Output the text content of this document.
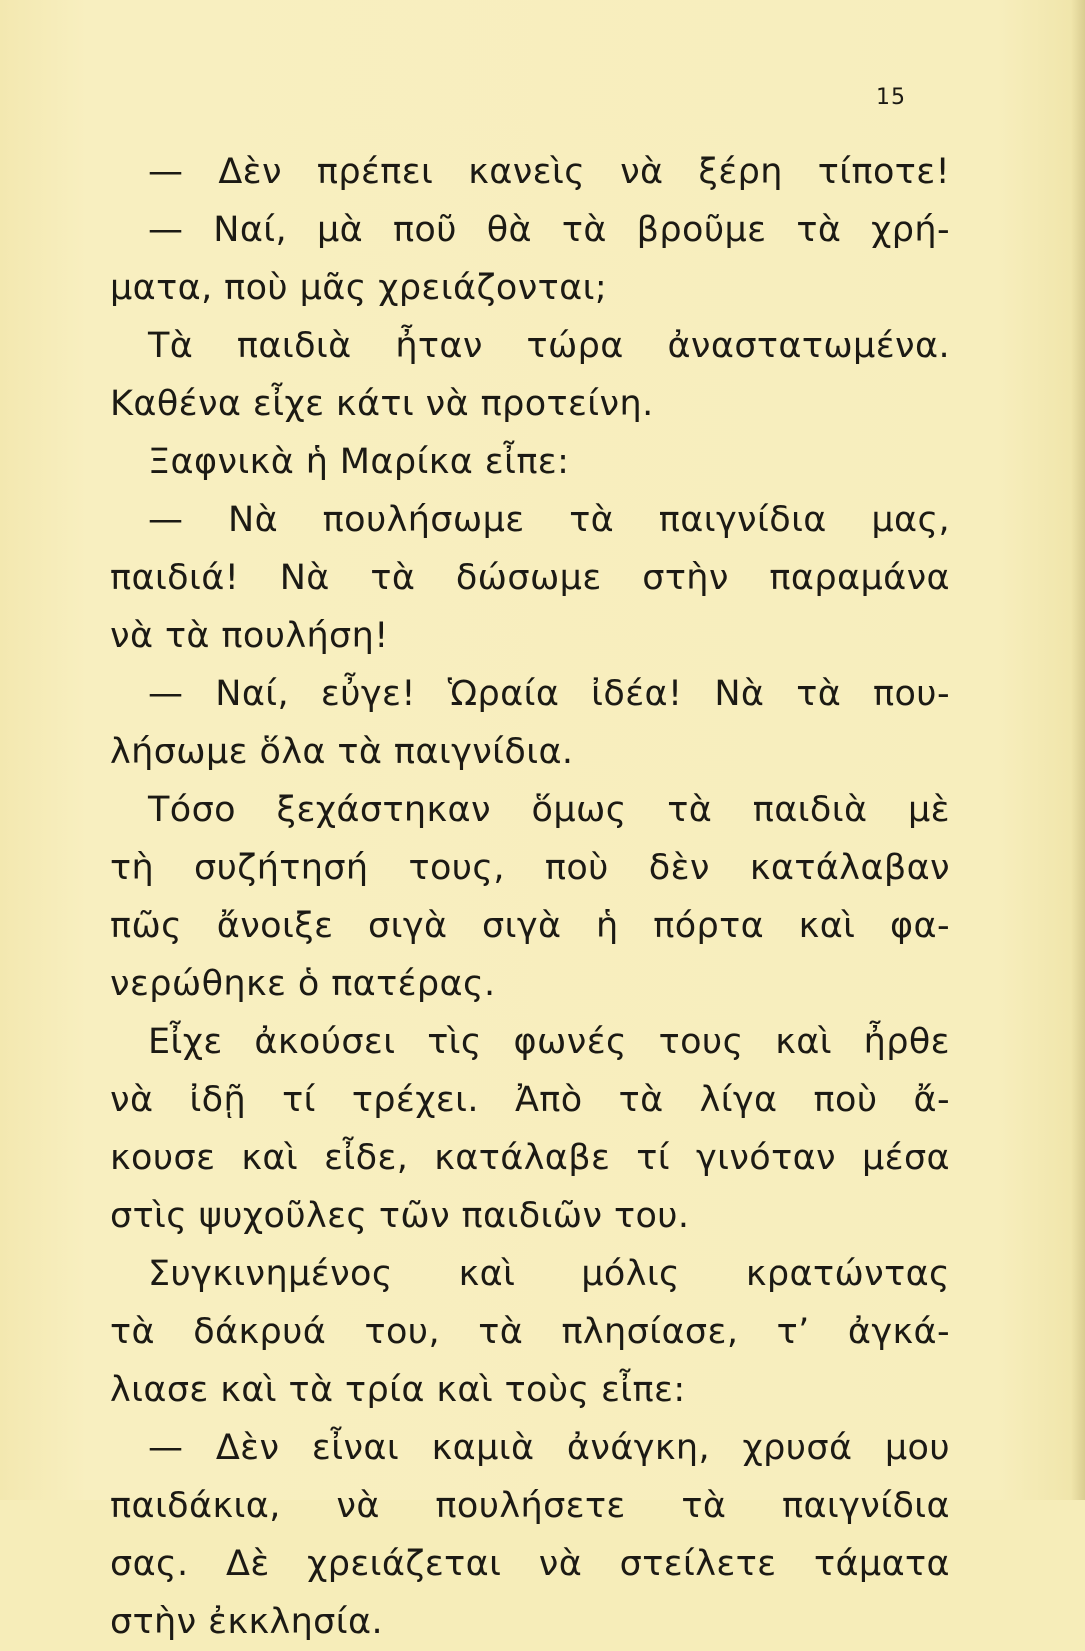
15
— Δὲν πρέπει κανεὶς νὰ ξέρη τίποτε!
— Ναί, μὰ ποῦ θὰ τὰ βροῦμε τὰ χρή-
ματα, ποὺ μᾶς χρειάζονται;
Τὰ παιδιὰ ἦταν τώρα ἀναστατωμένα.
Καθένα εἶχε κάτι νὰ προτείνη.
Ξαφνικὰ ἡ Μαρίκα εἶπε:
— Νὰ πουλήσωμε τὰ παιγνίδια μας,
παιδιά! Νὰ τὰ δώσωμε στὴν παραμάνα
νὰ τὰ πουλήση!
— Ναί, εὖγε! Ὡραία ἰδέα! Νὰ τὰ που-
λήσωμε ὅλα τὰ παιγνίδια.
Τόσο ξεχάστηκαν ὅμως τὰ παιδιὰ μὲ
τὴ συζήτησή τους, ποὺ δὲν κατάλαβαν
πῶς ἄνοιξε σιγὰ σιγὰ ἡ πόρτα καὶ φα-
νερώθηκε ὁ πατέρας.
Εἶχε ἀκούσει τὶς φωνές τους καὶ ἦρθε
νὰ ἰδῇ τί τρέχει. Ἀπὸ τὰ λίγα ποὺ ἄ-
κουσε καὶ εἶδε, κατάλαβε τί γινόταν μέσα
στὶς ψυχοῦλες τῶν παιδιῶν του.
Συγκινημένος καὶ μόλις κρατώντας
τὰ δάκρυά του, τὰ πλησίασε, τ’ ἀγκά-
λιασε καὶ τὰ τρία καὶ τοὺς εἶπε:
— Δὲν εἶναι καμιὰ ἀνάγκη, χρυσά μου
παιδάκια, νὰ πουλήσετε τὰ παιγνίδια
σας. Δὲ χρειάζεται νὰ στείλετε τάματα
στὴν ἐκκλησία.
